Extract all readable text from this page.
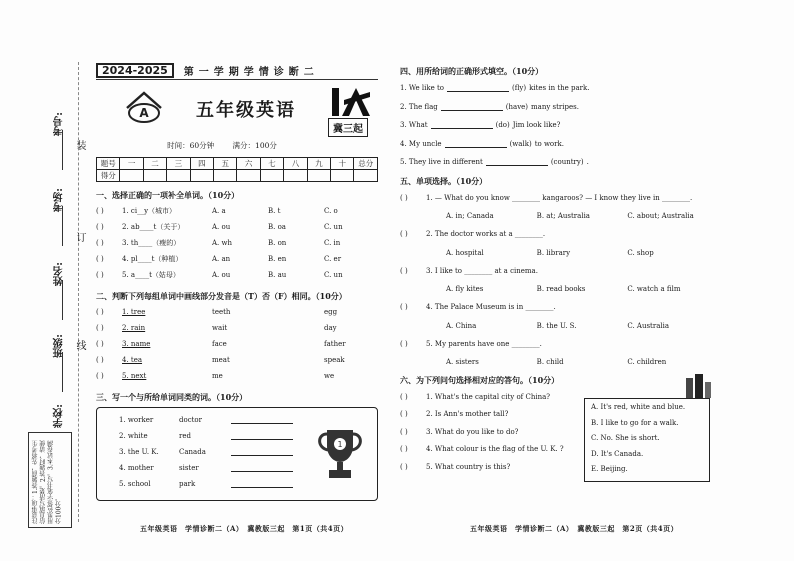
考号:
考场:
姓名:
班级:
学校:
装
订
线
注意事项：1.答题前，先将考生信息填写清楚。2.答题时，请使用黑色签字笔书写。3.本试卷满分100分。
2024-2025	第一学期学情诊断二
A	五年级英语
冀三起
时间：60分钟 满分：100分
题号	一	二	三	四	五	六	七	八	九	十	总分
得分											
一、选择正确的一项补全单词。（10分）
( )	1. ci__y（城市）	A. a	B. t	C. o
( )	2. ab____t（关于）	A. ou	B. oa	C. un
( )	3. th____（瘦的）	A. wh	B. on	C. in
( )	4. pl____t（种植）	A. an	B. en	C. er
( )	5. a____t（姑母）	A. ou	B. au	C. un
二、判断下列每组单词中画线部分发音是（T）否（F）相同。（10分）
( )	1. tree	teeth	egg
( )	2. rain	wait	day
( )	3. name	face	father
( )	4. tea	meat	speak
( )	5. next	me	we
三、写一个与所给单词同类的词。（10分）
1
1. worker	doctor
2. white	red
3. the U. K.	Canada
4. mother	sister
5. school	park
五年级英语　学情诊断二（A）　冀教版三起　第1页（共4页）
四、用所给词的正确形式填空。（10分）
1. We like to	(fly) kites in the park.
2. The flag	(have) many stripes.
3. What	(do) Jim look like?
4. My uncle	(walk) to work.
5. They live in different	(country) .
五、单项选择。（10分）
( )	1. — What do you know ________ kangaroos? — I know they live in ________.
A. in; Canada	B. at; Australia	C. about; Australia
( )	2. The doctor works at a ________.
A. hospital	B. library	C. shop
( )	3. I like to ________ at a cinema.
A. fly kites	B. read books	C. watch a film
( )	4. The Palace Museum is in ________.
A. China	B. the U. S.	C. Australia
( )	5. My parents have one ________.
A. sisters	B. child	C. children
六、为下列问句选择相对应的答句。（10分）
( )	1. What's the capital city of China?
( )	2. Is Ann's mother tall?
( )	3. What do you like to do?
( )	4. What colour is the flag of the U. K. ?
( )	5. What country is this?
A. It's red, white and blue.
B. I like to go for a walk.
C. No. She is short.
D. It's Canada.
E. Beijing.
五年级英语　学情诊断二（A）　冀教版三起　第2页（共4页）
